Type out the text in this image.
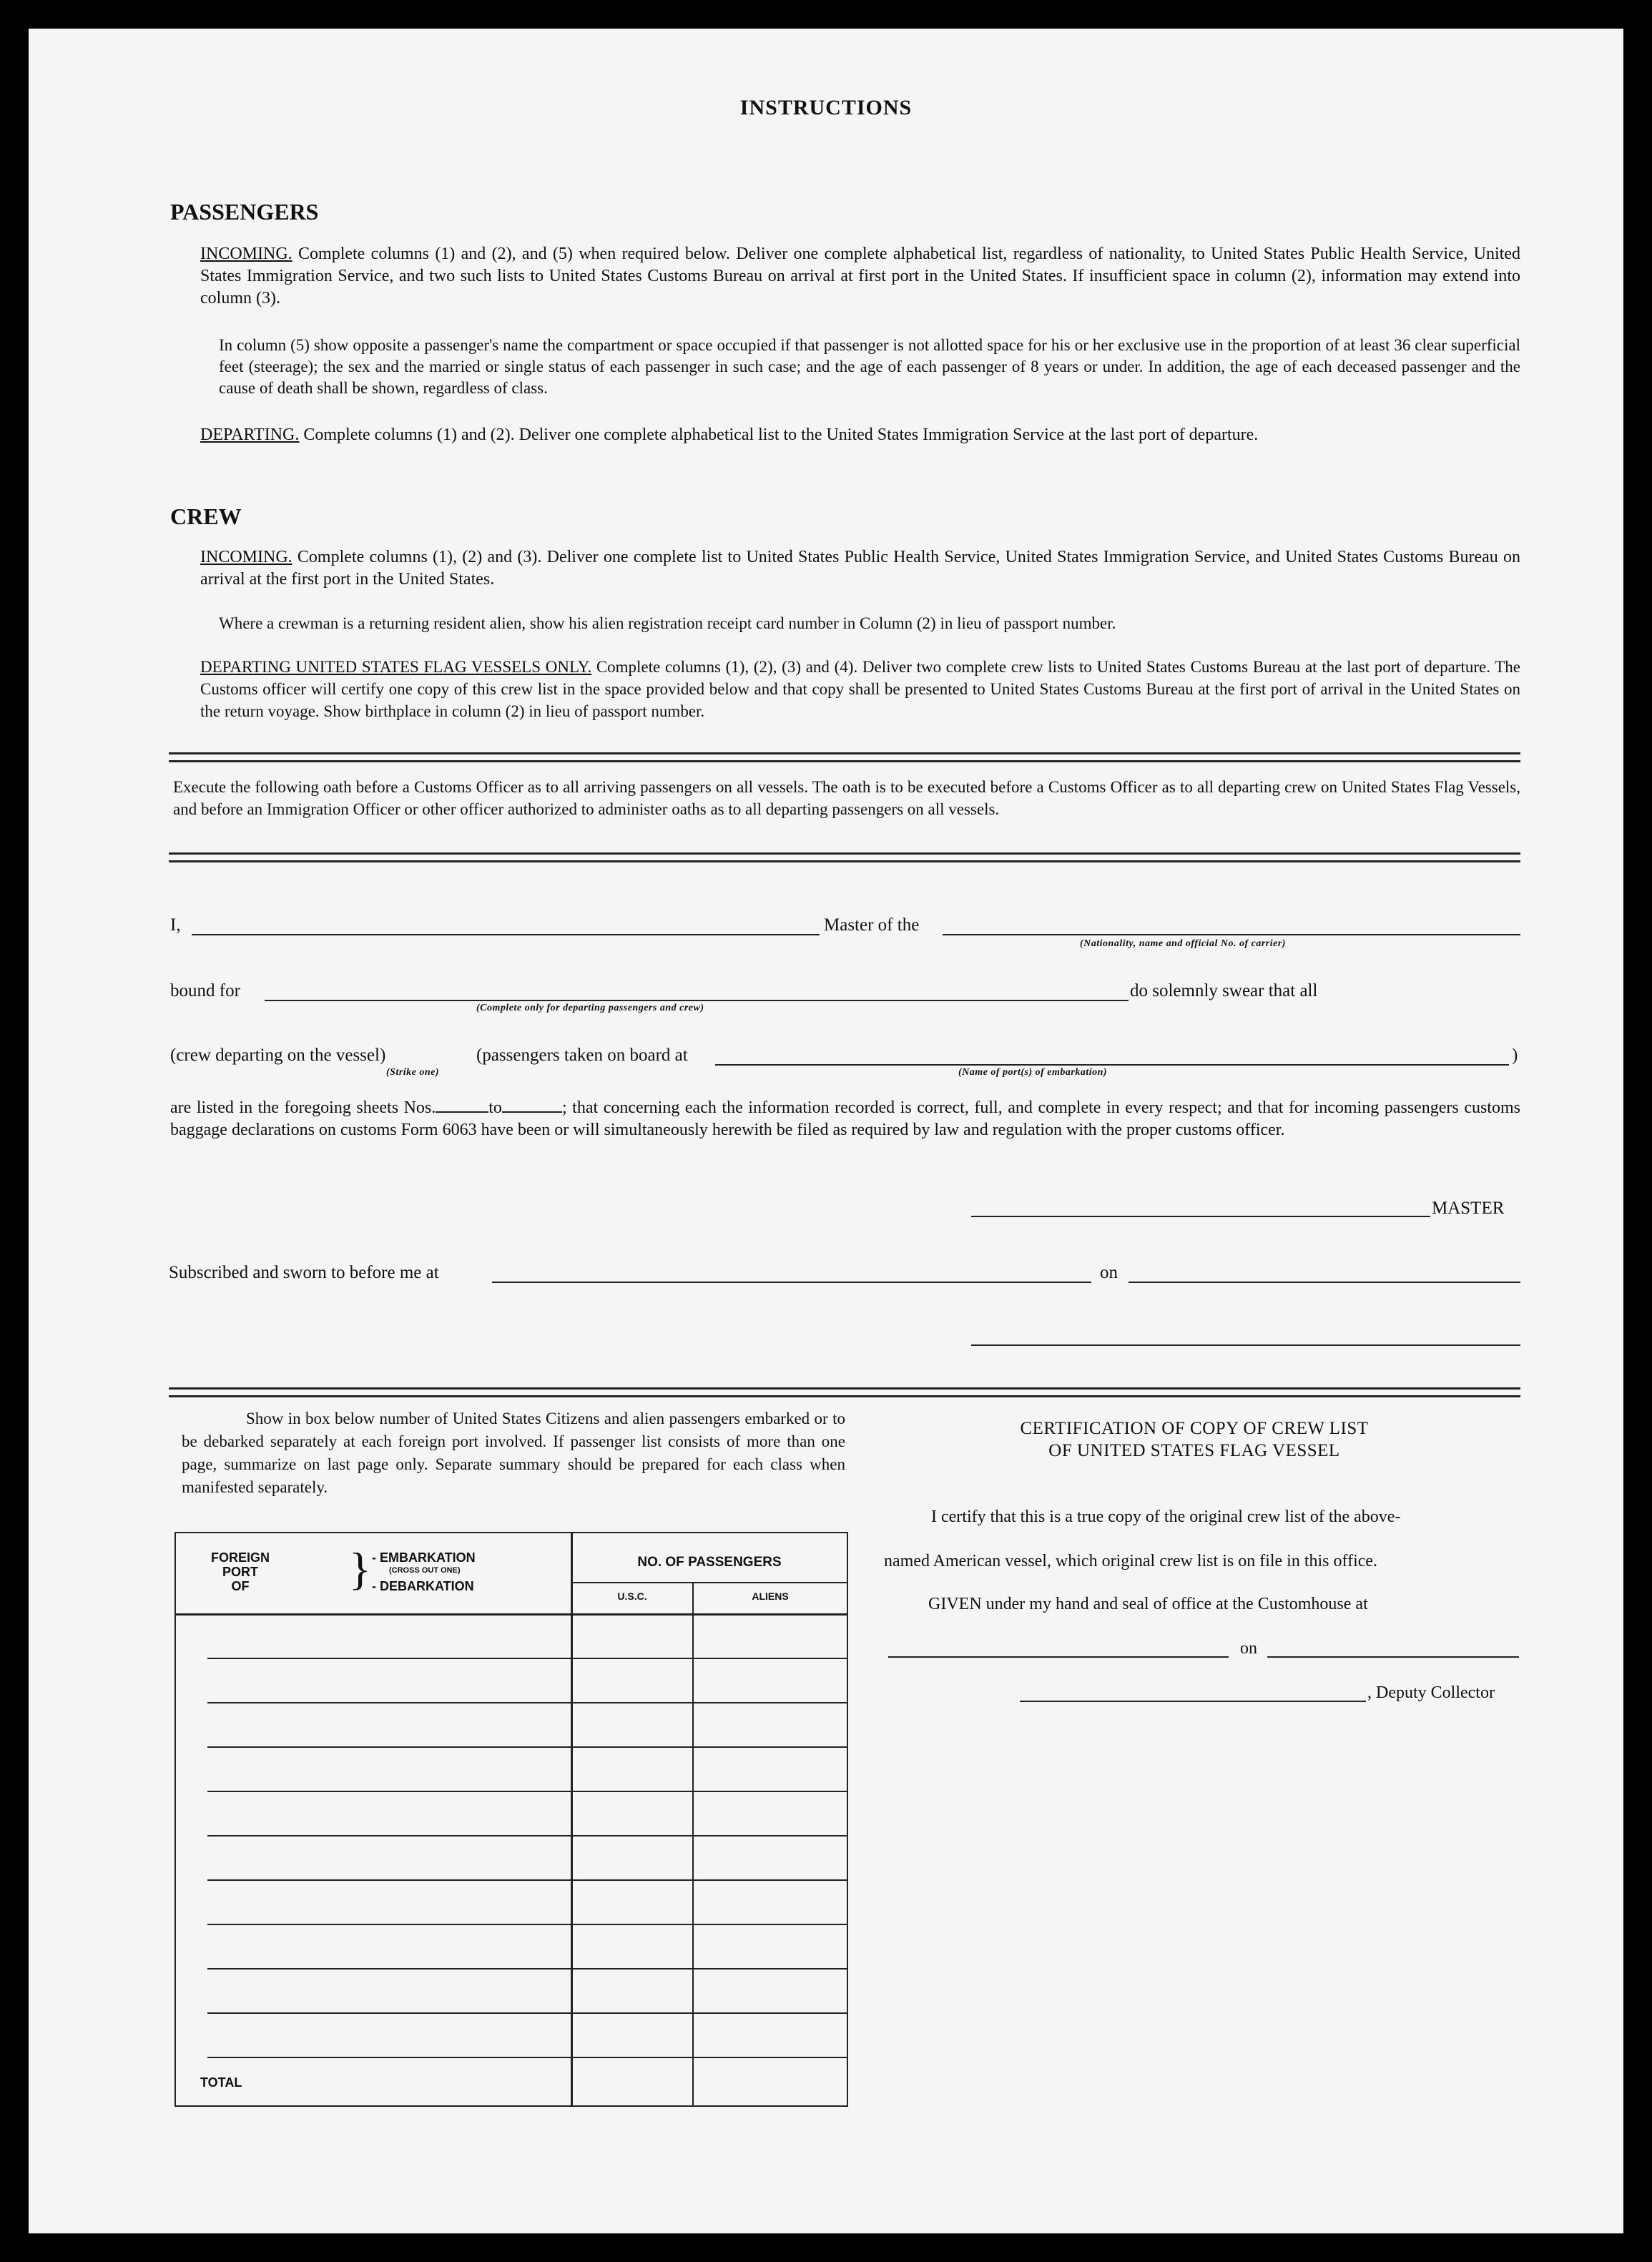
INSTRUCTIONS
PASSENGERS
INCOMING. Complete columns (1) and (2), and (5) when required below. Deliver one complete alphabetical list, regardless of nationality, to United States Public Health Service, United States Immigration Service, and two such lists to United States Customs Bureau on arrival at first port in the United States. If insufficient space in column (2), information may extend into column (3).
In column (5) show opposite a passenger's name the compartment or space occupied if that passenger is not allotted space for his or her exclusive use in the proportion of at least 36 clear superficial feet (steerage); the sex and the married or single status of each passenger in such case; and the age of each passenger of 8 years or under. In addition, the age of each deceased passenger and the cause of death shall be shown, regardless of class.
DEPARTING. Complete columns (1) and (2). Deliver one complete alphabetical list to the United States Immigration Service at the last port of departure.
CREW
INCOMING. Complete columns (1), (2) and (3). Deliver one complete list to United States Public Health Service, United States Immigration Service, and United States Customs Bureau on arrival at the first port in the United States.
Where a crewman is a returning resident alien, show his alien registration receipt card number in Column (2) in lieu of passport number.
DEPARTING UNITED STATES FLAG VESSELS ONLY. Complete columns (1), (2), (3) and (4). Deliver two complete crew lists to United States Customs Bureau at the last port of departure. The Customs officer will certify one copy of this crew list in the space provided below and that copy shall be presented to United States Customs Bureau at the first port of arrival in the United States on the return voyage. Show birthplace in column (2) in lieu of passport number.
Execute the following oath before a Customs Officer as to all arriving passengers on all vessels. The oath is to be executed before a Customs Officer as to all departing crew on United States Flag Vessels, and before an Immigration Officer or other officer authorized to administer oaths as to all departing passengers on all vessels.
I,	Master of the
(Nationality, name and official No. of carrier)
bound for
(Complete only for departing passengers and crew)
do solemnly swear that all
(crew departing on the vessel)
(Strike one)
(passengers taken on board at	)
(Name of port(s) of embarkation)
are listed in the foregoing sheets Nos.	to	; that concerning each the information recorded is correct, full, and complete in every respect; and that for incoming passengers customs baggage declarations on customs Form 6063 have been or will simultaneously herewith be filed as required by law and regulation with the proper customs officer.
MASTER
Subscribed and sworn to before me at	on
Show in box below number of United States Citizens and alien passengers embarked or to be debarked separately at each foreign port involved. If passenger list consists of more than one page, summarize on last page only. Separate summary should be prepared for each class when manifested separately.
FOREIGN
PORT
OF	} - EMBARKATION
(CROSS OUT ONE)
- DEBARKATION
NO. OF PASSENGERS
U.S.C.	ALIENS
TOTAL
CERTIFICATION OF COPY OF CREW LIST
OF UNITED STATES FLAG VESSEL
I certify that this is a true copy of the original crew list of the above-
named American vessel, which original crew list is on file in this office.
GIVEN under my hand and seal of office at the Customhouse at
on
, Deputy Collector
